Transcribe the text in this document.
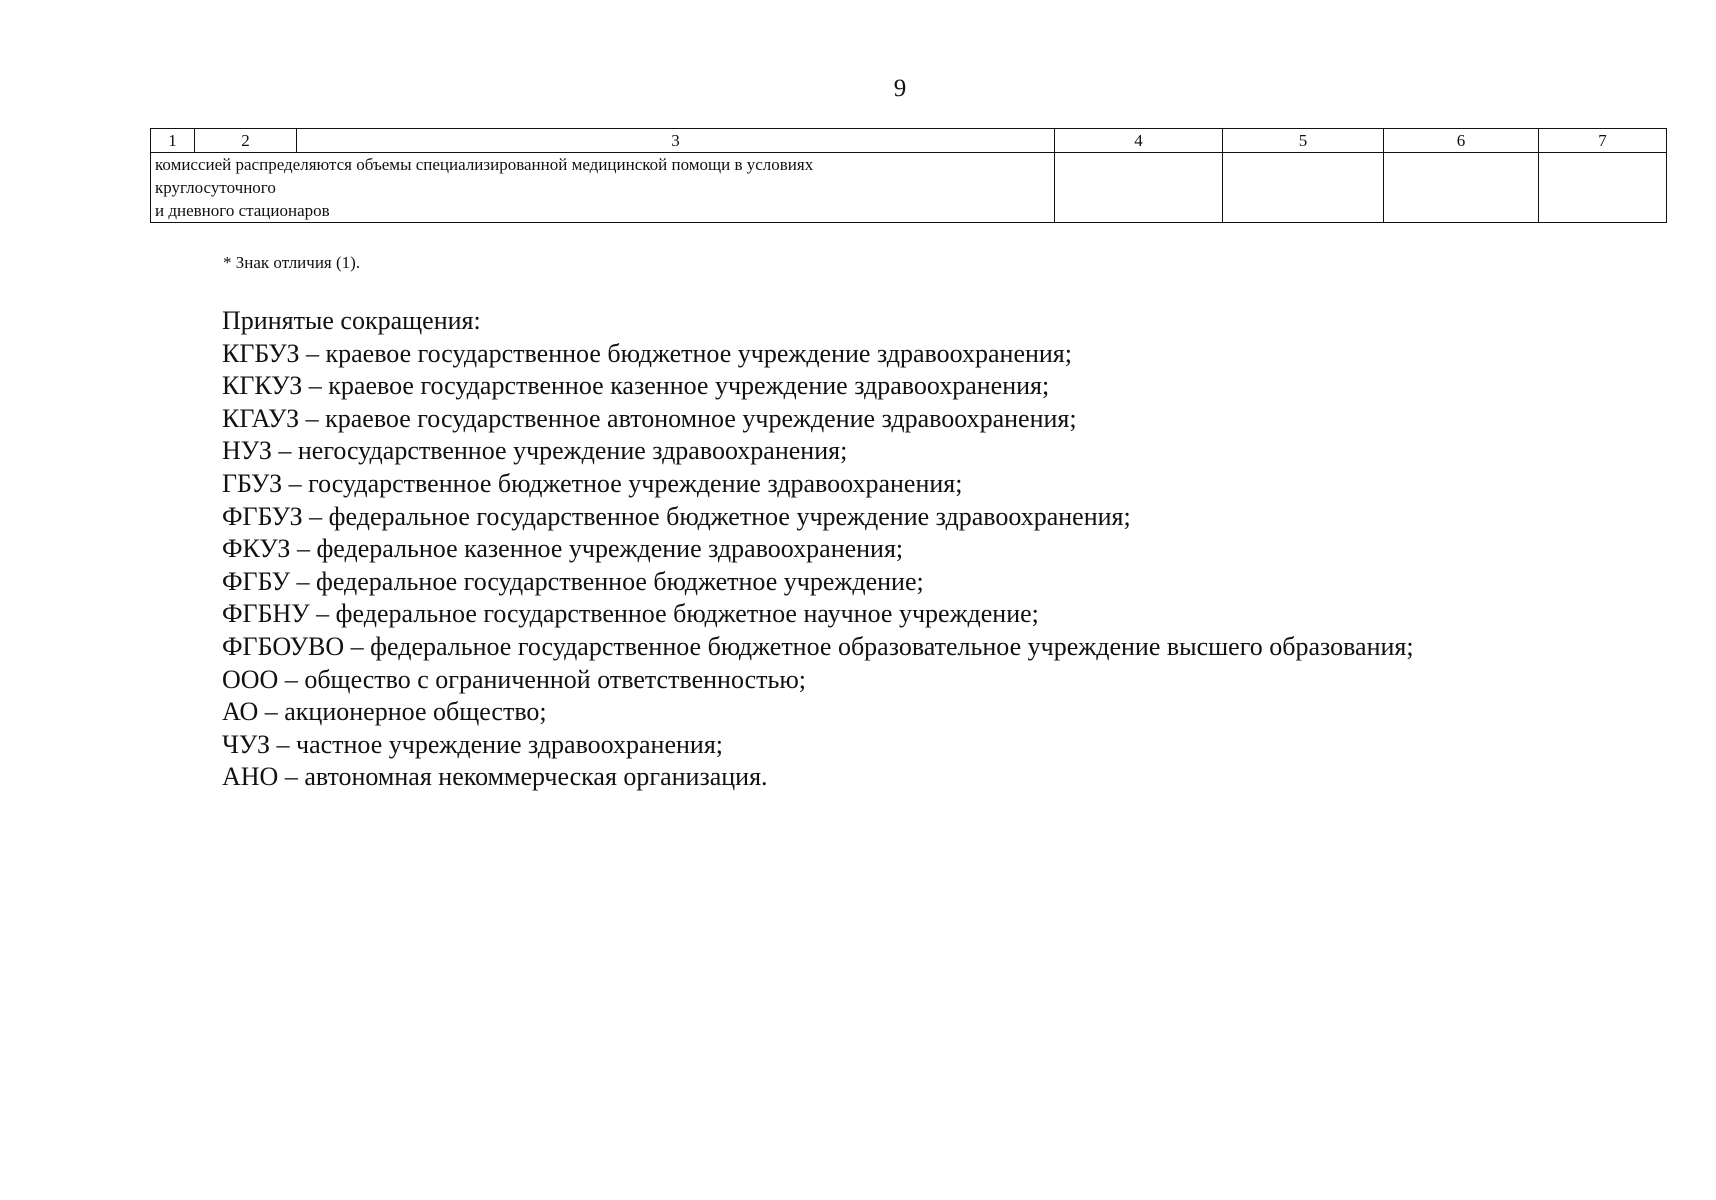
9
1	2	3	4	5	6	7

комиссией распределяются объемы специализированной медицинской помощи в условиях
круглосуточного
и дневного стационаров						

* Знак отличия (1).
Принятые сокращения:
КГБУЗ – краевое государственное бюджетное учреждение здравоохранения;
КГКУЗ – краевое государственное казенное учреждение здравоохранения;
КГАУЗ – краевое государственное автономное учреждение здравоохранения;
НУЗ – негосударственное учреждение здравоохранения;
ГБУЗ – государственное бюджетное учреждение здравоохранения;
ФГБУЗ – федеральное государственное бюджетное учреждение здравоохранения;
ФКУЗ – федеральное казенное учреждение здравоохранения;
ФГБУ – федеральное государственное бюджетное учреждение;
ФГБНУ – федеральное государственное бюджетное научное учреждение;
ФГБОУВО – федеральное государственное бюджетное образовательное учреждение высшего образования;
ООО – общество с ограниченной ответственностью;
АО – акционерное общество;
ЧУЗ – частное учреждение здравоохранения;
АНО – автономная некоммерческая организация.
